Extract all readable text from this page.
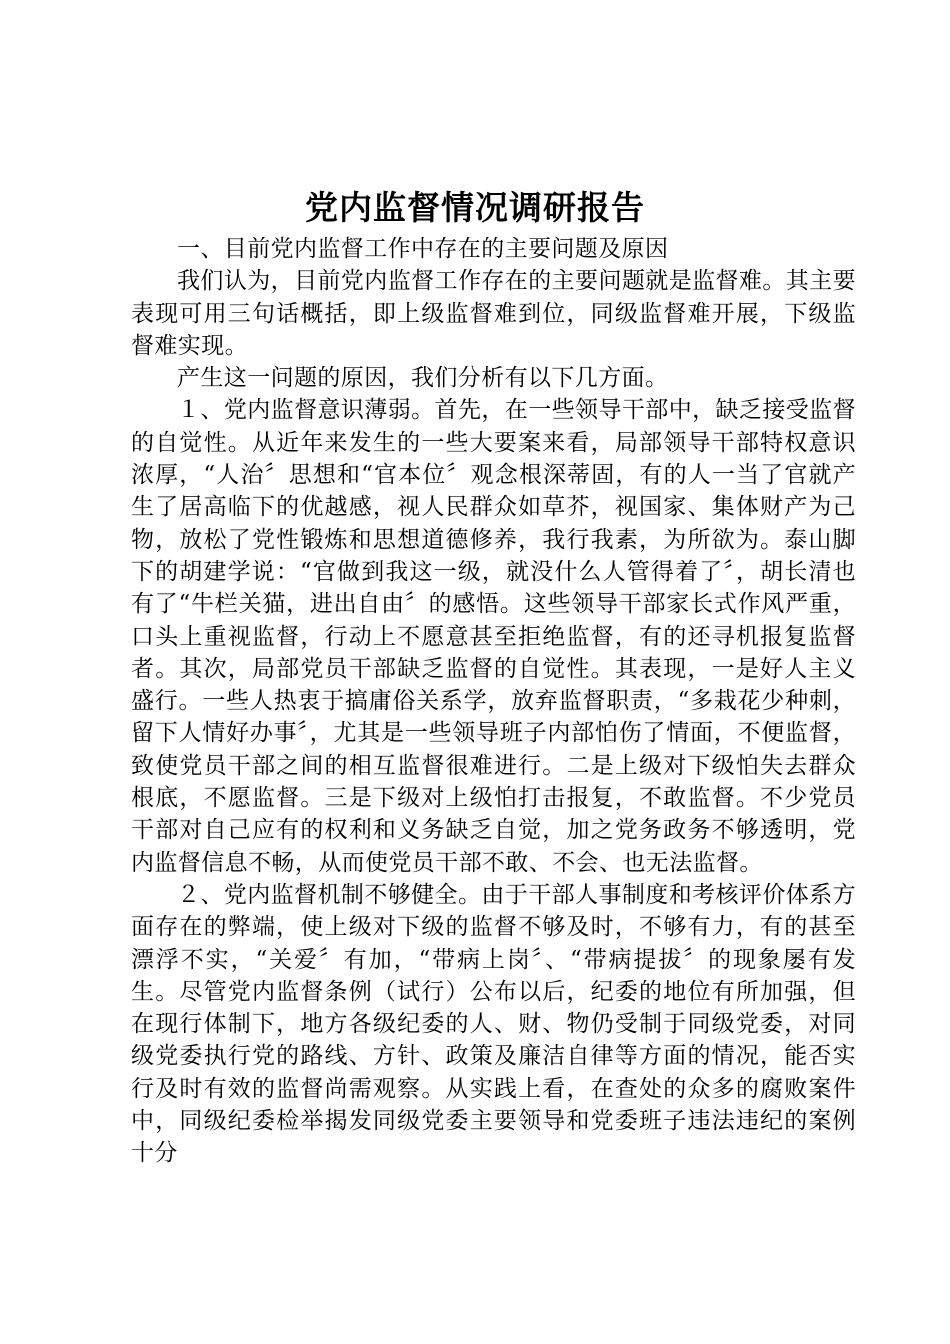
党内监督情况调研报告

一、目前党内监督工作中存在的主要问题及原因

我们认为，目前党内监督工作存在的主要问题就是监督难。其主要表现可用三句话概括，即上级监督难到位，同级监督难开展，下级监督难实现。

产生这一问题的原因，我们分析有以下几方面。

１、党内监督意识薄弱。首先，在一些领导干部中，缺乏接受监督的自觉性。从近年来发生的一些大要案来看，局部领导干部特权意识浓厚，“人治〞思想和“官本位〞观念根深蒂固，有的人一当了官就产生了居高临下的优越感，视人民群众如草芥，视国家、集体财产为己物，放松了党性锻炼和思想道德修养，我行我素，为所欲为。泰山脚下的胡建学说：“官做到我这一级，就没什么人管得着了〞，胡长清也有了“牛栏关猫，进出自由〞的感悟。这些领导干部家长式作风严重，口头上重视监督，行动上不愿意甚至拒绝监督，有的还寻机报复监督者。其次，局部党员干部缺乏监督的自觉性。其表现，一是好人主义盛行。一些人热衷于搞庸俗关系学，放弃监督职责，“多栽花少种刺，留下人情好办事〞，尤其是一些领导班子内部怕伤了情面，不便监督，致使党员干部之间的相互监督很难进行。二是上级对下级怕失去群众根底，不愿监督。三是下级对上级怕打击报复，不敢监督。不少党员干部对自己应有的权利和义务缺乏自觉，加之党务政务不够透明，党内监督信息不畅，从而使党员干部不敢、不会、也无法监督。

２、党内监督机制不够健全。由于干部人事制度和考核评价体系方面存在的弊端，使上级对下级的监督不够及时，不够有力，有的甚至漂浮不实，“关爱〞有加，“带病上岗〞、“带病提拔〞的现象屡有发生。尽管党内监督条例（试行）公布以后，纪委的地位有所加强，但在现行体制下，地方各级纪委的人、财、物仍受制于同级党委，对同级党委执行党的路线、方针、政策及廉洁自律等方面的情况，能否实行及时有效的监督尚需观察。从实践上看，在查处的众多的腐败案件中，同级纪委检举揭发同级党委主要领导和党委班子违法违纪的案例十分
